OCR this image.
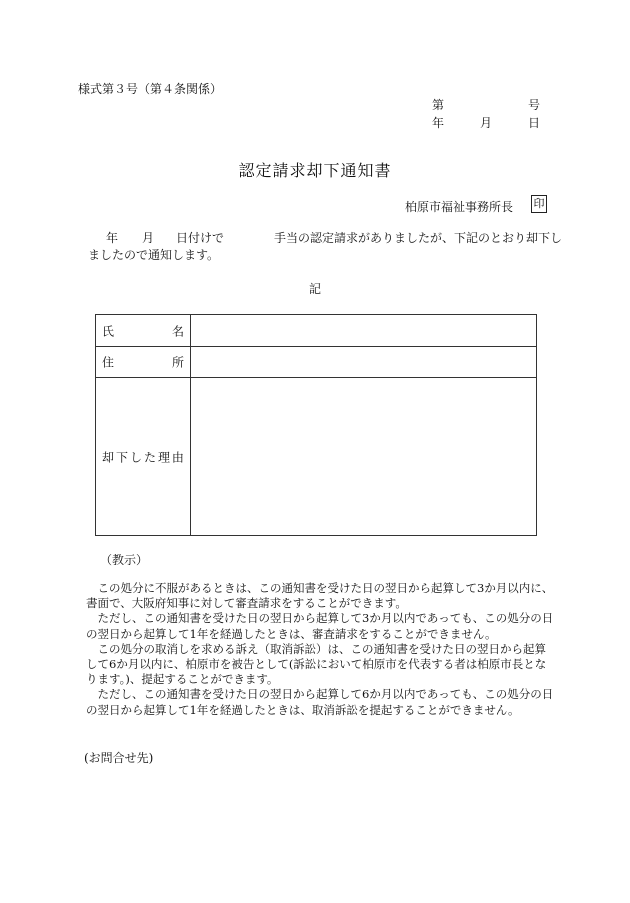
様式第３号（第４条関係）
第	号
年	月	日
認定請求却下通知書
柏原市福祉事務所長 印
年 月 日付けで	手当の認定請求がありましたが、下記のとおり却下し
ましたので通知します。
記
氏	名
住	所
却 下 し た 理 由
（教示）
　この処分に不服があるときは、この通知書を受けた日の翌日から起算して3か月以内に、
書面で、大阪府知事に対して審査請求をすることができます。
　ただし、この通知書を受けた日の翌日から起算して3か月以内であっても、この処分の日
の翌日から起算して1年を経過したときは、審査請求をすることができません。
　この処分の取消しを求める訴え（取消訴訟）は、この通知書を受けた日の翌日から起算
して6か月以内に、柏原市を被告として(訴訟において柏原市を代表する者は柏原市長とな
ります。)、提起することができます。
　ただし、この通知書を受けた日の翌日から起算して6か月以内であっても、この処分の日
の翌日から起算して1年を経過したときは、取消訴訟を提起することができません。
(お問合せ先)
